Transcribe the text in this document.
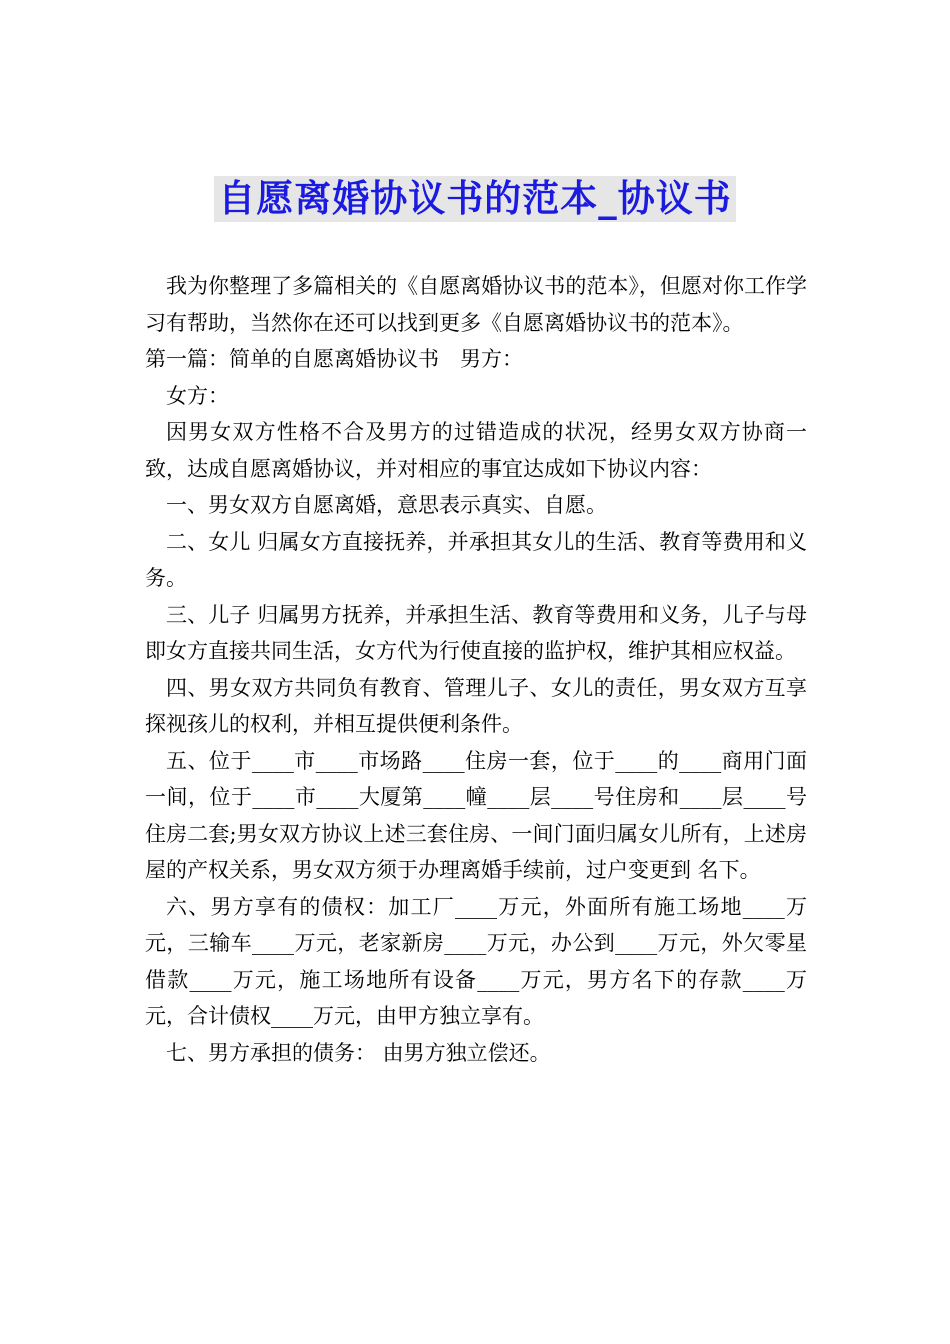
自愿离婚协议书的范本_协议书

我为你整理了多篇相关的《自愿离婚协议书的范本》，但愿对你工作学习有帮助，当然你在还可以找到更多《自愿离婚协议书的范本》。

第一篇：简单的自愿离婚协议书　男方：

女方：

因男女双方性格不合及男方的过错造成的状况，经男女双方协商一致，达成自愿离婚协议，并对相应的事宜达成如下协议内容：

一、男女双方自愿离婚，意思表示真实、自愿。

二、女儿 归属女方直接抚养，并承担其女儿的生活、教育等费用和义务。

三、儿子 归属男方抚养，并承担生活、教育等费用和义务，儿子与母即女方直接共同生活，女方代为行使直接的监护权，维护其相应权益。

四、男女双方共同负有教育、管理儿子、女儿的责任，男女双方互享探视孩儿的权利，并相互提供便利条件。

五、位于____市____市场路____住房一套，位于____的____商用门面一间，位于____市____大厦第____幢____层____号住房和____层____号住房二套;男女双方协议上述三套住房、一间门面归属女儿所有，上述房屋的产权关系，男女双方须于办理离婚手续前，过户变更到 名下。

六、男方享有的债权：加工厂____万元，外面所有施工场地____万元，三输车____万元，老家新房____万元，办公到____万元，外欠零星借款____万元，施工场地所有设备____万元，男方名下的存款____万元，合计债权____万元，由甲方独立享有。

七、男方承担的债务： 由男方独立偿还。
